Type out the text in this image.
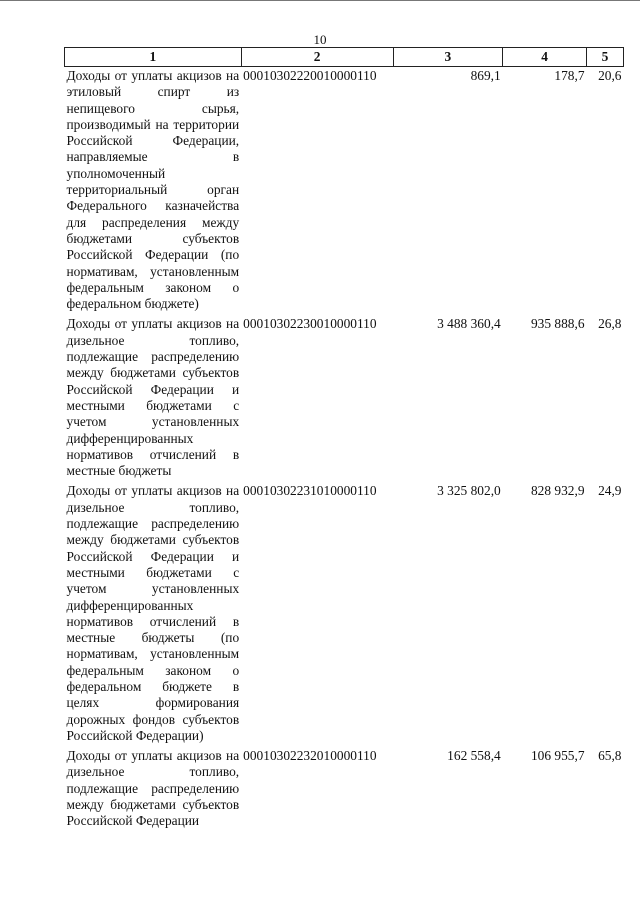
10
1	2	3	4	5
Доходы от уплаты акцизов на этиловый спирт из непищевого сырья, производимый на территории Российской Федерации, направляемые в уполномоченный территориальный орган Федерального казначейства для распределения между бюджетами субъектов Российской Федерации (по нормативам, установленным федеральным законом о федеральном бюджете)	00010302220010000110	869,1	178,7	20,6
Доходы от уплаты акцизов на дизельное топливо, подлежащие распределению между бюджетами субъектов Российской Федерации и местными бюджетами с учетом установленных дифференцированных нормативов отчислений в местные бюджеты	00010302230010000110	3 488 360,4	935 888,6	26,8
Доходы от уплаты акцизов на дизельное топливо, подлежащие распределению между бюджетами субъектов Российской Федерации и местными бюджетами с учетом установленных дифференцированных нормативов отчислений в местные бюджеты (по нормативам, установленным федеральным законом о федеральном бюджете в целях формирования дорожных фондов субъектов Российской Федерации)	00010302231010000110	3 325 802,0	828 932,9	24,9
Доходы от уплаты акцизов на дизельное топливо, подлежащие распределению между бюджетами субъектов Российской Федерации	00010302232010000110	162 558,4	106 955,7	65,8
